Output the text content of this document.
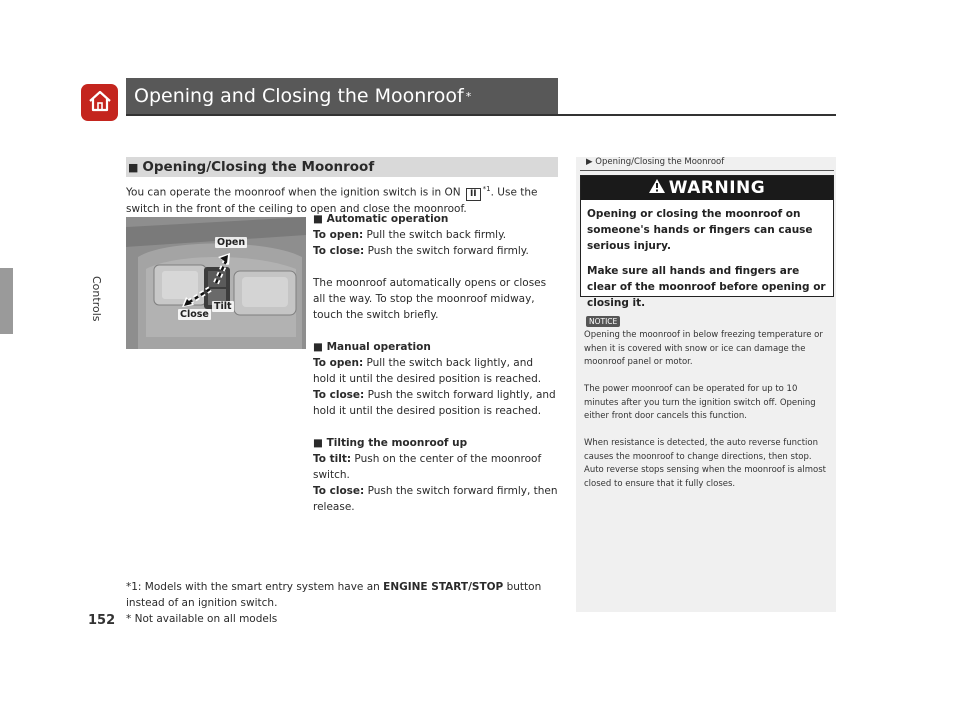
Controls
Opening and Closing the Moonroof *
■ Opening/Closing the Moonroof
You can operate the moonroof when the ignition switch is in ON II $^{*1}$. Use the switch in the front of the ceiling to open and close the moonroof.
Open
Tilt
Close

■ Automatic operation

To open: Pull the switch back firmly.

To close: Push the switch forward firmly.

The moonroof automatically opens or closes all the way. To stop the moonroof midway, touch the switch briefly.

■ Manual operation

To open: Pull the switch back lightly, and hold it until the desired position is reached.

To close: Push the switch forward lightly, and hold it until the desired position is reached.

■ Tilting the moonroof up

To tilt: Push on the center of the moonroof switch.

To close: Push the switch forward firmly, then release.

*1: Models with the smart entry system have an ENGINE START/STOP button instead of an ignition switch.
152 * Not available on all models
▶ Opening/Closing the Moonroof
WARNING

Opening or closing the moonroof on someone's hands or fingers can cause serious injury.

Make sure all hands and fingers are clear of the moonroof before opening or closing it.

NOTICE
Opening the moonroof in below freezing temperature or when it is covered with snow or ice can damage the moonroof panel or motor.
The power moonroof can be operated for up to 10 minutes after you turn the ignition switch off. Opening either front door cancels this function.
When resistance is detected, the auto reverse function causes the moonroof to change directions, then stop. Auto reverse stops sensing when the moonroof is almost closed to ensure that it fully closes.
